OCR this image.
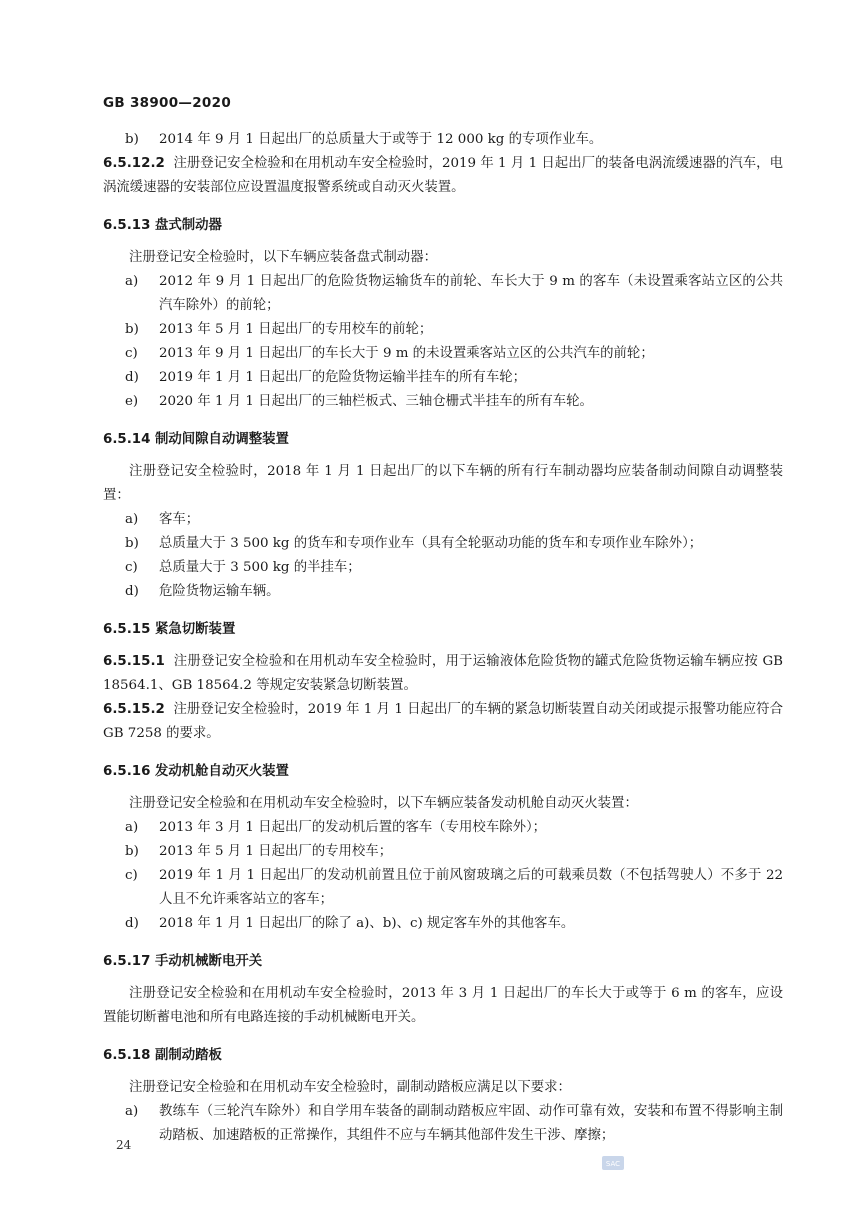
GB 38900—2020
b)	2014 年 9 月 1 日起出厂的总质量大于或等于 12 000 kg 的专项作业车。
6.5.12.2 注册登记安全检验和在用机动车安全检验时，2019 年 1 月 1 日起出厂的装备电涡流缓速器的汽车，电涡流缓速器的安装部位应设置温度报警系统或自动灭火装置。
6.5.13 盘式制动器
注册登记安全检验时，以下车辆应装备盘式制动器：
a)	2012 年 9 月 1 日起出厂的危险货物运输货车的前轮、车长大于 9 m 的客车（未设置乘客站立区的公共汽车除外）的前轮；
b)	2013 年 5 月 1 日起出厂的专用校车的前轮；
c)	2013 年 9 月 1 日起出厂的车长大于 9 m 的未设置乘客站立区的公共汽车的前轮；
d)	2019 年 1 月 1 日起出厂的危险货物运输半挂车的所有车轮；
e)	2020 年 1 月 1 日起出厂的三轴栏板式、三轴仓栅式半挂车的所有车轮。
6.5.14 制动间隙自动调整装置
注册登记安全检验时，2018 年 1 月 1 日起出厂的以下车辆的所有行车制动器均应装备制动间隙自动调整装置：
a)	客车；
b)	总质量大于 3 500 kg 的货车和专项作业车（具有全轮驱动功能的货车和专项作业车除外）；
c)	总质量大于 3 500 kg 的半挂车；
d)	危险货物运输车辆。
6.5.15 紧急切断装置
6.5.15.1 注册登记安全检验和在用机动车安全检验时，用于运输液体危险货物的罐式危险货物运输车辆应按 GB 18564.1、GB 18564.2 等规定安装紧急切断装置。
6.5.15.2 注册登记安全检验时，2019 年 1 月 1 日起出厂的车辆的紧急切断装置自动关闭或提示报警功能应符合 GB 7258 的要求。
6.5.16 发动机舱自动灭火装置
注册登记安全检验和在用机动车安全检验时，以下车辆应装备发动机舱自动灭火装置：
a)	2013 年 3 月 1 日起出厂的发动机后置的客车（专用校车除外）；
b)	2013 年 5 月 1 日起出厂的专用校车；
c)	2019 年 1 月 1 日起出厂的发动机前置且位于前风窗玻璃之后的可载乘员数（不包括驾驶人）不多于 22 人且不允许乘客站立的客车；
d)	2018 年 1 月 1 日起出厂的除了 a)、b)、c) 规定客车外的其他客车。
6.5.17 手动机械断电开关
注册登记安全检验和在用机动车安全检验时，2013 年 3 月 1 日起出厂的车长大于或等于 6 m 的客车，应设置能切断蓄电池和所有电路连接的手动机械断电开关。
6.5.18 副制动踏板
注册登记安全检验和在用机动车安全检验时，副制动踏板应满足以下要求：
a)	教练车（三轮汽车除外）和自学用车装备的副制动踏板应牢固、动作可靠有效，安装和布置不得影响主制动踏板、加速踏板的正常操作，其组件不应与车辆其他部件发生干涉、摩擦；
24
SAC
